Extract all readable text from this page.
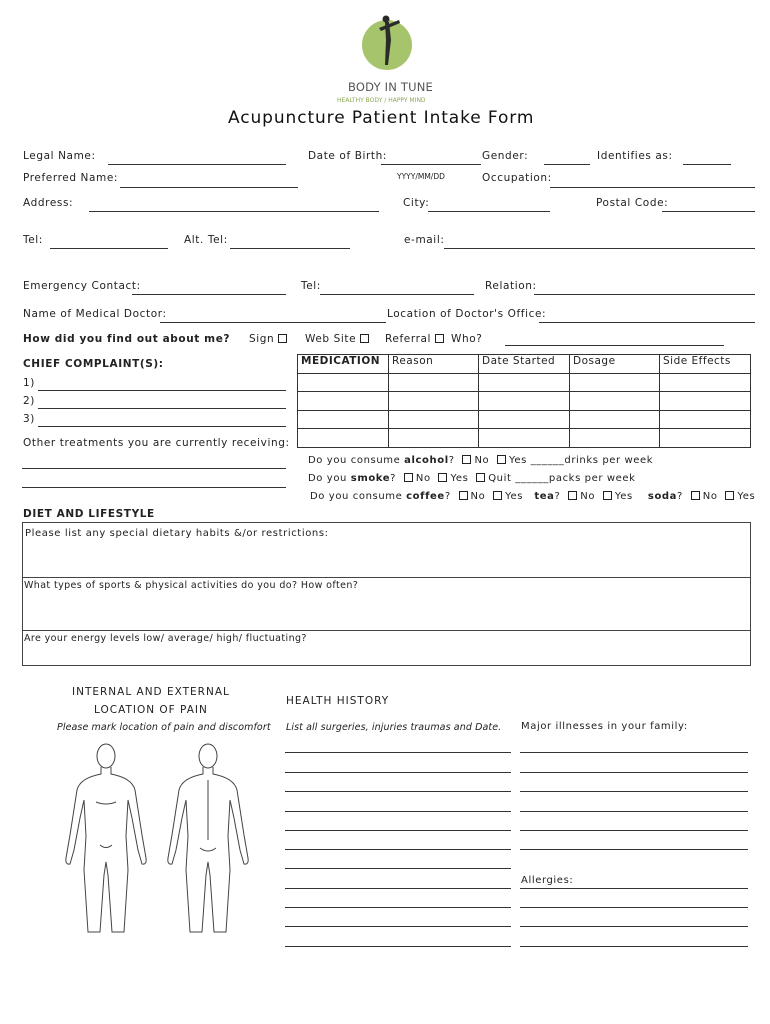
BODY IN TUNE
HEALTHY BODY / HAPPY MIND
Acupuncture Patient Intake Form
Legal Name:	Date of Birth:
YYYY/MM/DD
Gender:	Identifies as:
Preferred Name:	Occupation:
Address:	City:	Postal Code:
Tel:	Alt. Tel:	e-mail:
Emergency Contact:	Tel:	Relation:
Name of Medical Doctor:	Location of Doctor's Office:
How did you find out about me? Sign	Web Site	Referral	Who?
CHIEF COMPLAINT(S):
1)
2)
3)
Other treatments you are currently receiving:
MEDICATION	Reason	Date Started	Dosage	Side Effects

Do you consume alcohol? No Yes ______drinks per week
Do you smoke? No Yes Quit ______packs per week
Do you consume coffee? No Yes tea? No Yes soda? No Yes
DIET AND LIFESTYLE
Please list any special dietary habits &/or restrictions:
What types of sports & physical activities do you do? How often?
Are your energy levels low/ average/ high/ fluctuating?
INTERNAL AND EXTERNAL
LOCATION OF PAIN
Please mark location of pain and discomfort
HEALTH HISTORY
List all surgeries, injuries traumas and Date. Major illnesses in your family:
Allergies:
